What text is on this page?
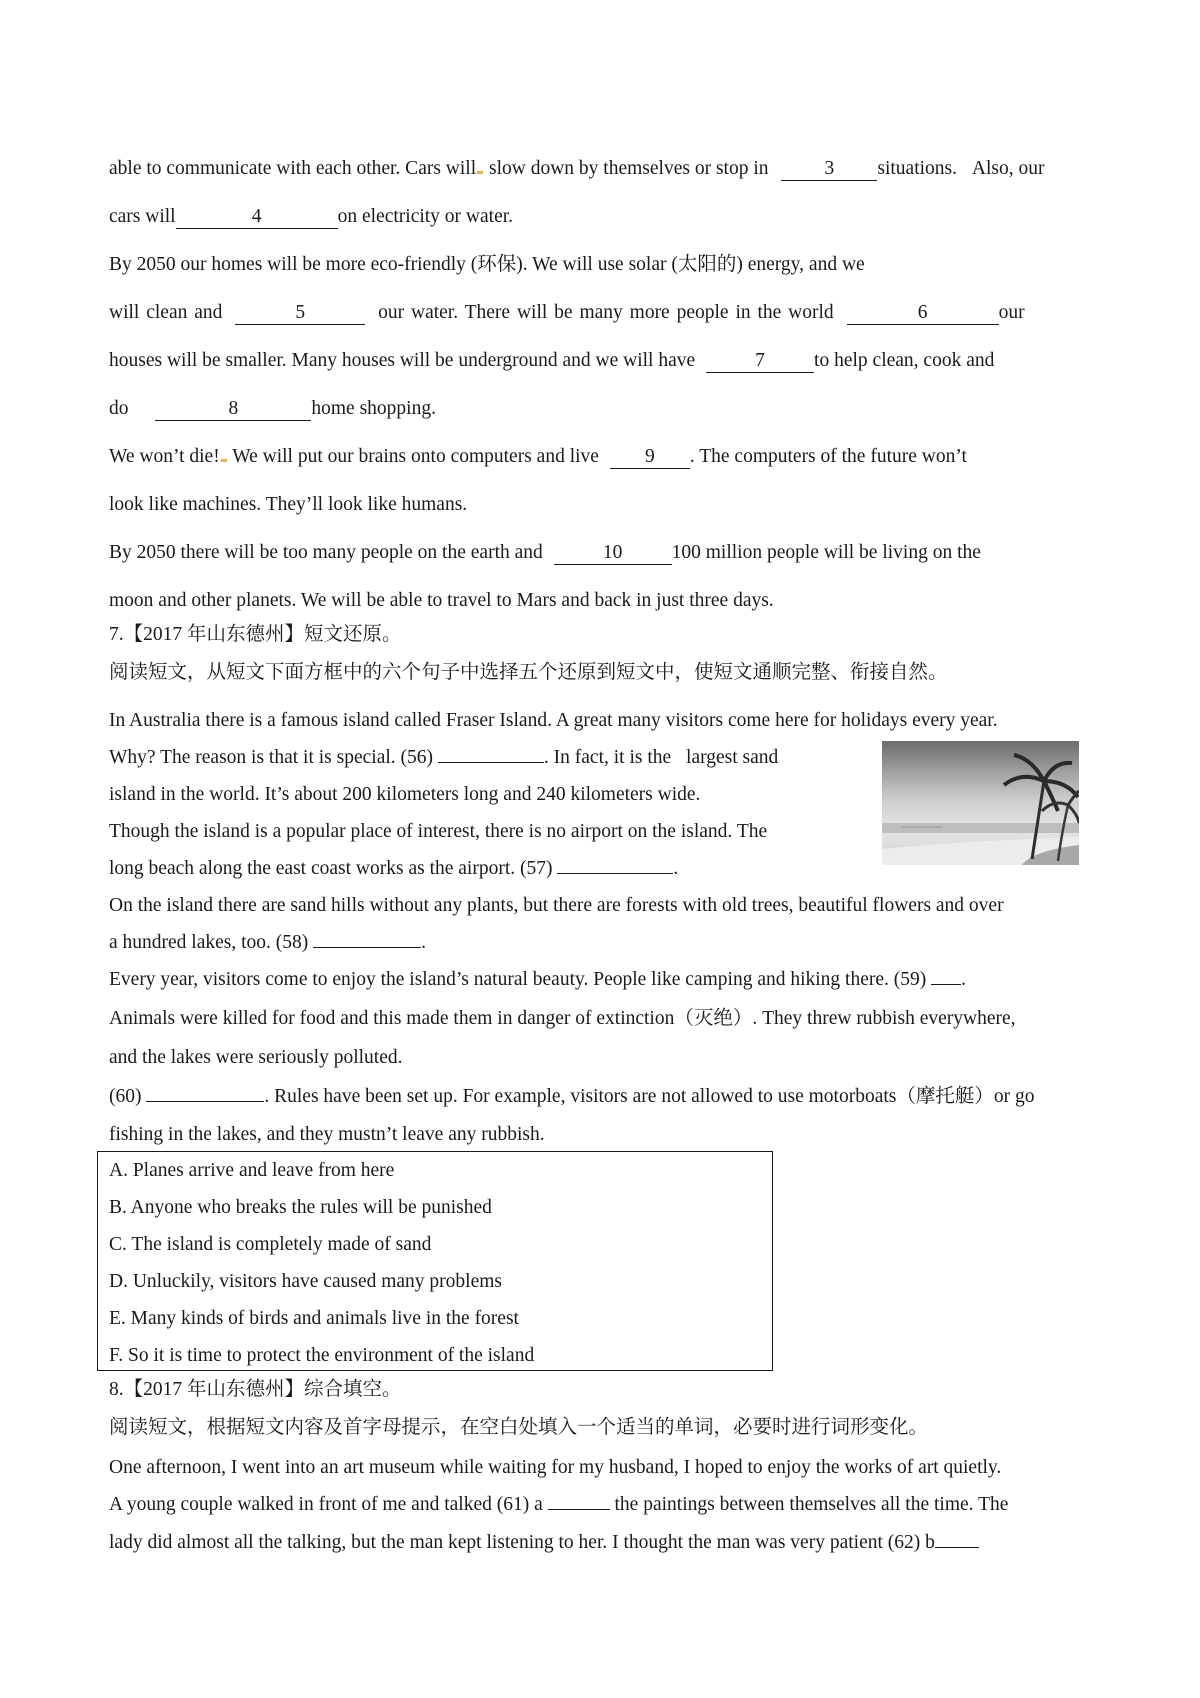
able to communicate with each other. Cars will slow down by themselves or stop in	3 situations. Also, our
cars will	4	on electricity or water.
By 2050 our homes will be more eco-friendly (环保). We will use solar (太阳的) energy, and we
will clean and	5	our water. There will be many more people in the world	6	our
houses will be smaller. Many houses will be underground and we will have	7	to help clean, cook and
do	8	home shopping.
We won’t die! We will put our brains onto computers and live 9 . The computers of the future won’t
look like machines. They’ll look like humans.
By 2050 there will be too many people on the earth and	10	100 million people will be living on the
moon and other planets. We will be able to travel to Mars and back in just three days.
7.【2017 年山东德州】短文还原。
阅读短文，从短文下面方框中的六个句子中选择五个还原到短文中，使短文通顺完整、衔接自然。
In Australia there is a famous island called Fraser Island. A great many visitors come here for holidays every year.
Why? The reason is that it is special. (56)	. In fact, it is the largest sand
island in the world. It’s about 200 kilometers long and 240 kilometers wide.
Though the island is a popular place of interest, there is no airport on the island. The
long beach along the east coast works as the airport. (57)	.
On the island there are sand hills without any plants, but there are forests with old trees, beautiful flowers and over
a hundred lakes, too. (58)	.
Every year, visitors come to enjoy the island’s natural beauty. People like camping and hiking there. (59) .
Animals were killed for food and this made them in danger of extinction（灭绝）. They threw rubbish everywhere,
and the lakes were seriously polluted.
(60)	. Rules have been set up. For example, visitors are not allowed to use motorboats（摩托艇）or go
fishing in the lakes, and they mustn’t leave any rubbish.
A. Planes arrive and leave from here
B. Anyone who breaks the rules will be punished
C. The island is completely made of sand
D. Unluckily, visitors have caused many problems
E. Many kinds of birds and animals live in the forest
F. So it is time to protect the environment of the island
8.【2017 年山东德州】综合填空。
阅读短文，根据短文内容及首字母提示，在空白处填入一个适当的单词，必要时进行词形变化。
One afternoon, I went into an art museum while waiting for my husband, I hoped to enjoy the works of art quietly.
A young couple walked in front of me and talked (61) a	the paintings between themselves all the time. The
lady did almost all the talking, but the man kept listening to her. I thought the man was very patient (62) b
